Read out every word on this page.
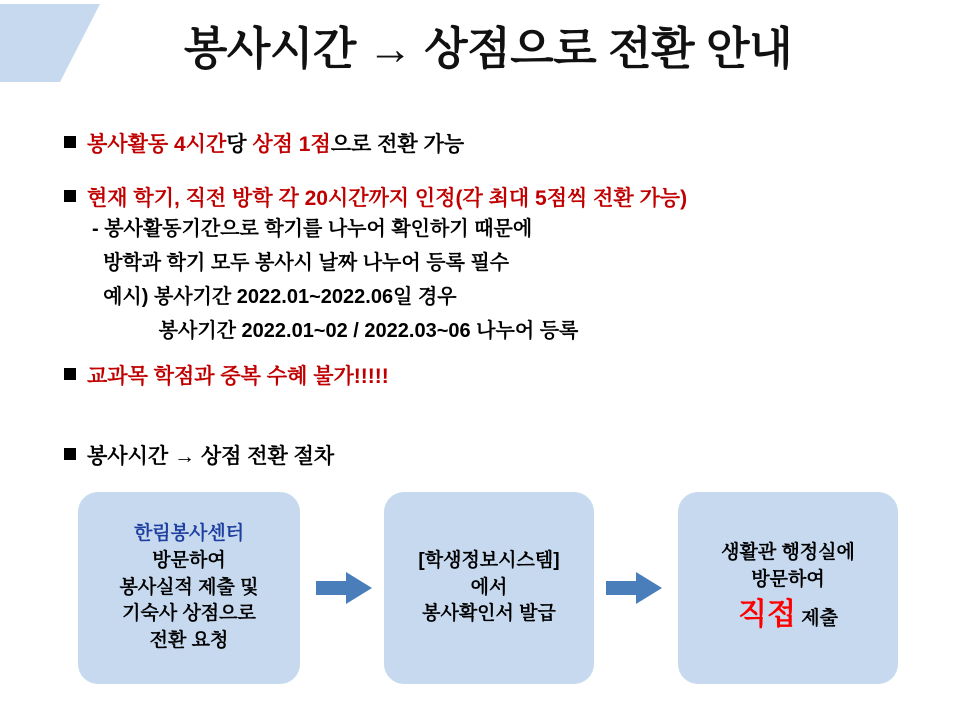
봉사시간 → 상점으로 전환 안내
봉사활동 4시간당 상점 1점으로 전환 가능
현재 학기, 직전 방학 각 20시간까지 인정(각 최대 5점씩 전환 가능)
- 봉사활동기간으로 학기를 나누어 확인하기 때문에
방학과 학기 모두 봉사시 날짜 나누어 등록 필수
예시) 봉사기간 2022.01~2022.06일 경우
봉사기간 2022.01~02 / 2022.03~06 나누어 등록
교과목 학점과 중복 수혜 불가!!!!!
봉사시간 → 상점 전환 절차
한림봉사센터
방문하여
봉사실적 제출 및
기숙사 상점으로
전환 요청
[학생정보시스템]
에서
봉사확인서 발급
생활관 행정실에
방문하여
직접 제출
